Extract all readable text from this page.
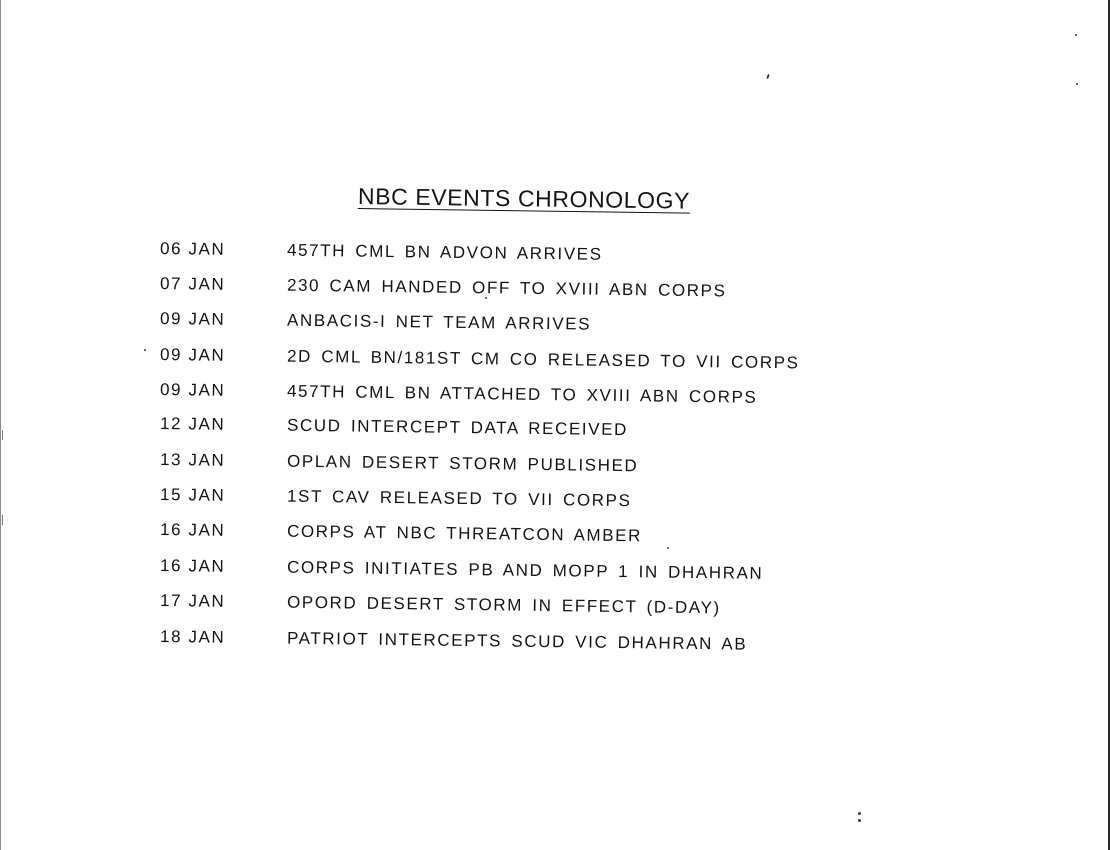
NBC EVENTS CHRONOLOGY
06 JAN	457TH CML BN ADVON ARRIVES
07 JAN	230 CAM HANDED OFF TO XVIII ABN CORPS
09 JAN	ANBACIS-I NET TEAM ARRIVES
09 JAN	2D CML BN/181ST CM CO RELEASED TO VII CORPS
09 JAN	457TH CML BN ATTACHED TO XVIII ABN CORPS
12 JAN	SCUD INTERCEPT DATA RECEIVED
13 JAN	OPLAN DESERT STORM PUBLISHED
15 JAN	1ST CAV RELEASED TO VII CORPS
16 JAN	CORPS AT NBC THREATCON AMBER
16 JAN	CORPS INITIATES PB AND MOPP 1 IN DHAHRAN
17 JAN	OPORD DESERT STORM IN EFFECT (D-DAY)
18 JAN	PATRIOT INTERCEPTS SCUD VIC DHAHRAN AB
